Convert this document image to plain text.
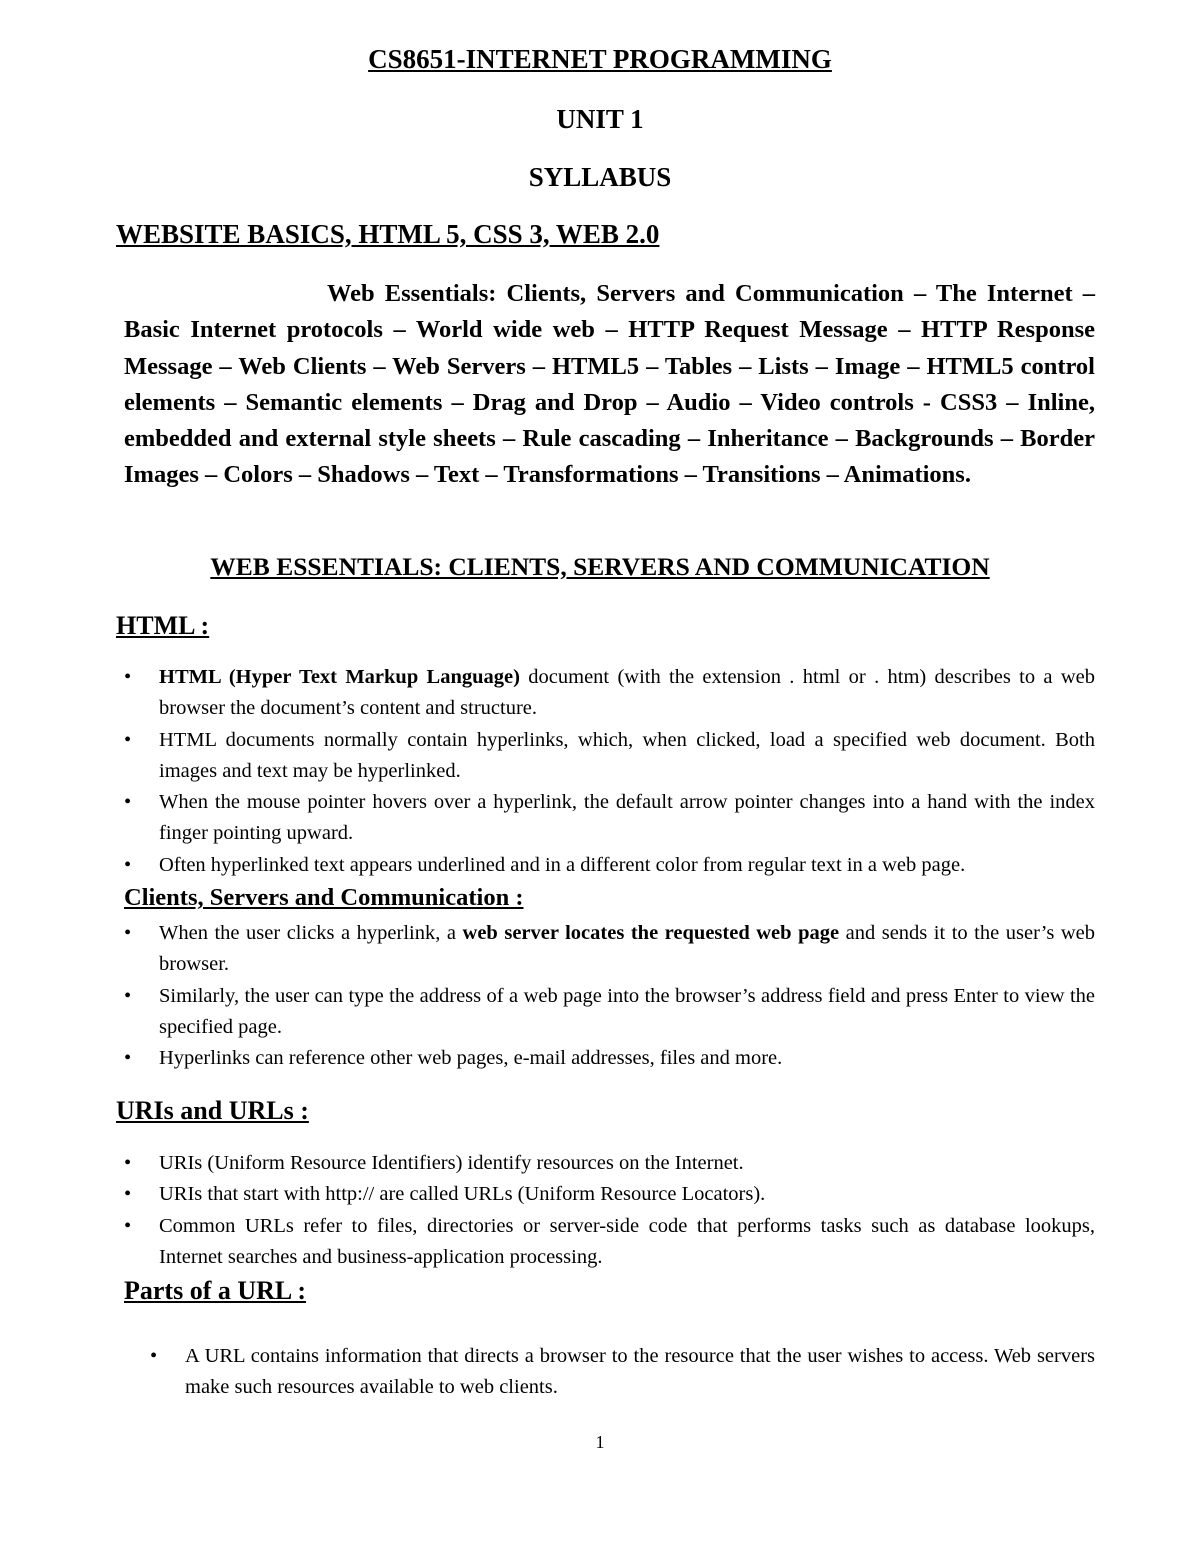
CS8651-INTERNET PROGRAMMING
UNIT 1
SYLLABUS
WEBSITE BASICS, HTML 5, CSS 3, WEB 2.0
Web Essentials: Clients, Servers and Communication – The Internet – Basic Internet protocols – World wide web – HTTP Request Message – HTTP Response Message – Web Clients – Web Servers – HTML5 – Tables – Lists – Image – HTML5 control elements – Semantic elements – Drag and Drop – Audio – Video controls - CSS3 – Inline, embedded and external style sheets – Rule cascading – Inheritance – Backgrounds – Border Images – Colors – Shadows – Text – Transformations – Transitions – Animations.
WEB ESSENTIALS: CLIENTS, SERVERS AND COMMUNICATION
HTML :
• HTML (Hyper Text Markup Language) document (with the extension . html or . htm) describes to a web browser the document’s content and structure.
• HTML documents normally contain hyperlinks, which, when clicked, load a specified web document. Both images and text may be hyperlinked.
• When the mouse pointer hovers over a hyperlink, the default arrow pointer changes into a hand with the index finger pointing upward.
• Often hyperlinked text appears underlined and in a different color from regular text in a web page.
Clients, Servers and Communication :
• When the user clicks a hyperlink, a web server locates the requested web page and sends it to the user’s web browser.
• Similarly, the user can type the address of a web page into the browser’s address field and press Enter to view the specified page.
• Hyperlinks can reference other web pages, e-mail addresses, files and more.
URIs and URLs :
• URIs (Uniform Resource Identifiers) identify resources on the Internet.
• URIs that start with http:// are called URLs (Uniform Resource Locators).
• Common URLs refer to files, directories or server-side code that performs tasks such as database lookups, Internet searches and business-application processing.
Parts of a URL :
• A URL contains information that directs a browser to the resource that the user wishes to access. Web servers make such resources available to web clients.
1
